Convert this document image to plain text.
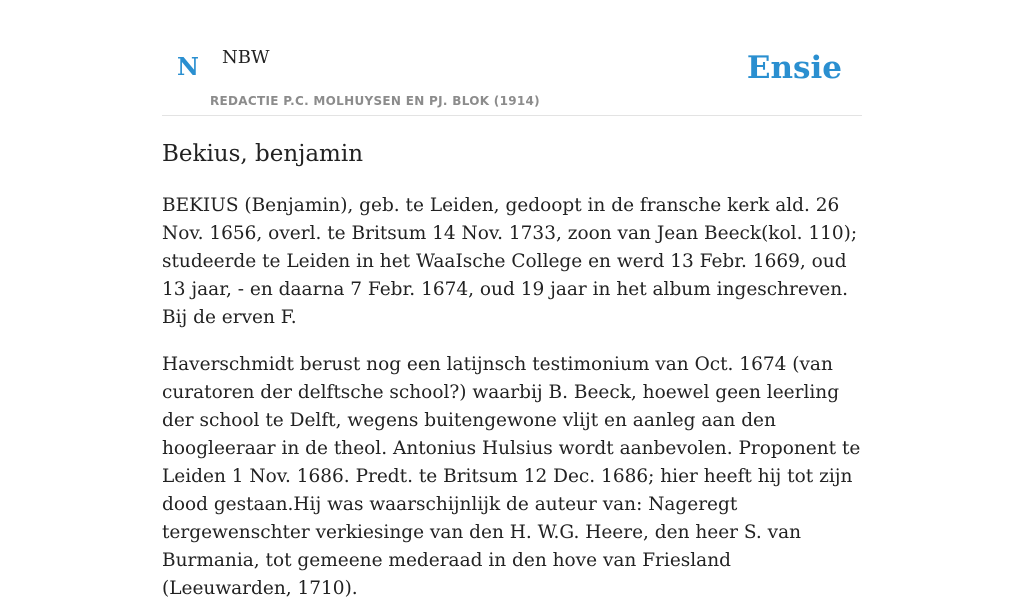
N NBW
REDACTIE P.C. MOLHUYSEN EN PJ. BLOK (1914)
Ensie
Bekius, benjamin

BEKIUS (Benjamin), geb. te Leiden, gedoopt in de fransche kerk ald. 26 Nov. 1656, overl. te Britsum 14 Nov. 1733, zoon van Jean Beeck(kol. 110); studeerde te Leiden in het WaaIsche College en werd 13 Febr. 1669, oud 13 jaar, - en daarna 7 Febr. 1674, oud 19 jaar in het album ingeschreven. Bij de erven F.

Haverschmidt berust nog een latijnsch testimonium van Oct. 1674 (van curatoren der delftsche school?) waarbij B. Beeck, hoewel geen leerling der school te Delft, wegens buitengewone vlijt en aanleg aan den hoogleeraar in de theol. Antonius Hulsius wordt aanbevolen. Proponent te Leiden 1 Nov. 1686. Predt. te Britsum 12 Dec. 1686; hier heeft hij tot zijn dood gestaan.Hij was waarschijnlijk de auteur van: Nageregt tergewenschter verkiesinge van den H. W.G. Heere, den heer S. van Burmania, tot gemeene mederaad in den hove van Friesland (Leeuwarden, 1710).
